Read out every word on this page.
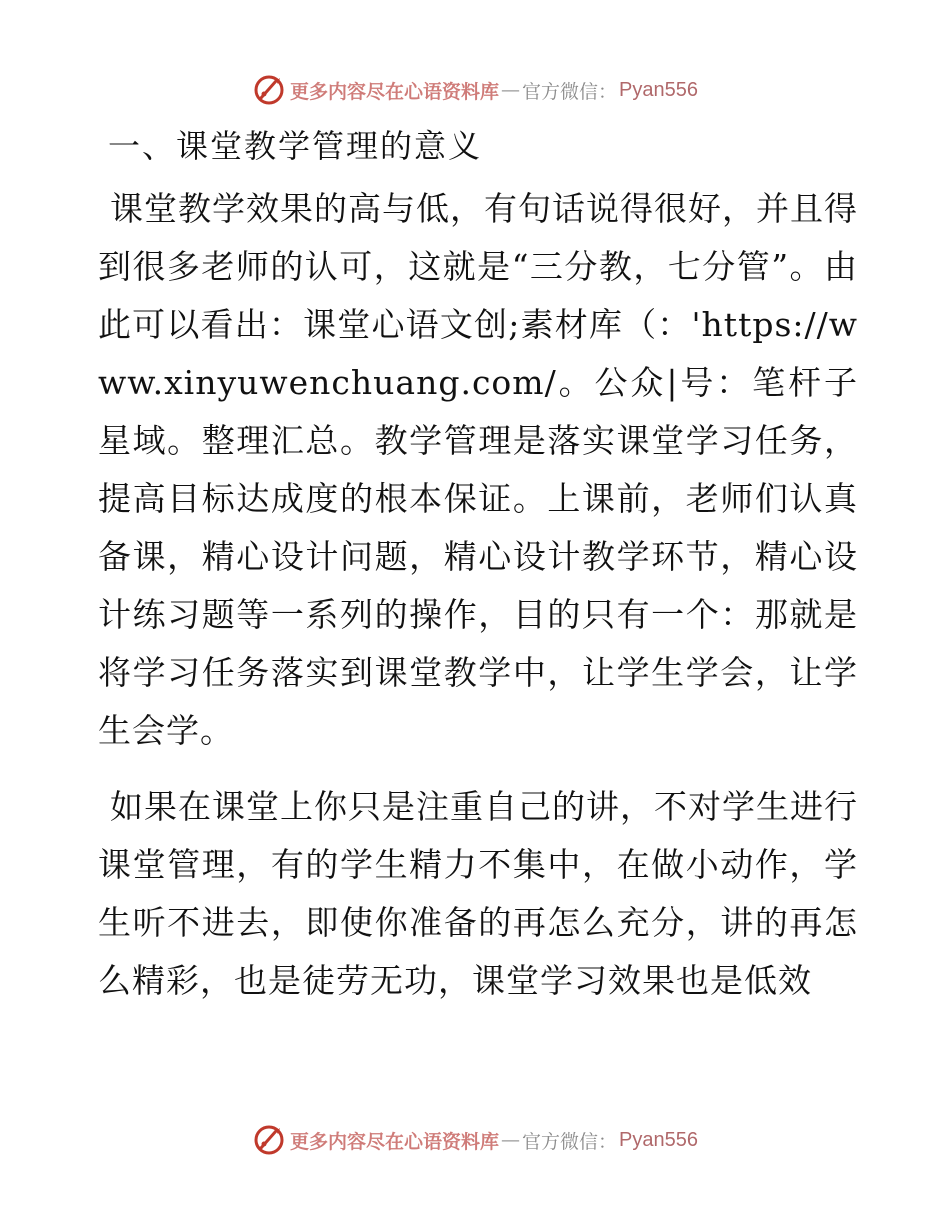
更多内容尽在心语资料库 — 官方微信： Pyan556
一、课堂教学管理的意义

课堂教学效果的高与低，有句话说得很好，并且得到很多老师的认可，这就是“三分教，七分管”。由此可以看出：课堂心语文创;素材库（：'https://www.xinyuwenchuang.com/。公众|号：笔杆子星域。整理汇总。教学管理是落实课堂学习任务，提高目标达成度的根本保证。上课前，老师们认真备课，精心设计问题，精心设计教学环节，精心设计练习题等一系列的操作，目的只有一个：那就是将学习任务落实到课堂教学中，让学生学会，让学生会学。

如果在课堂上你只是注重自己的讲，不对学生进行课堂管理，有的学生精力不集中，在做小动作，学生听不进去，即使你准备的再怎么充分，讲的再怎么精彩，也是徒劳无功，课堂学习效果也是低效

更多内容尽在心语资料库 — 官方微信： Pyan556
